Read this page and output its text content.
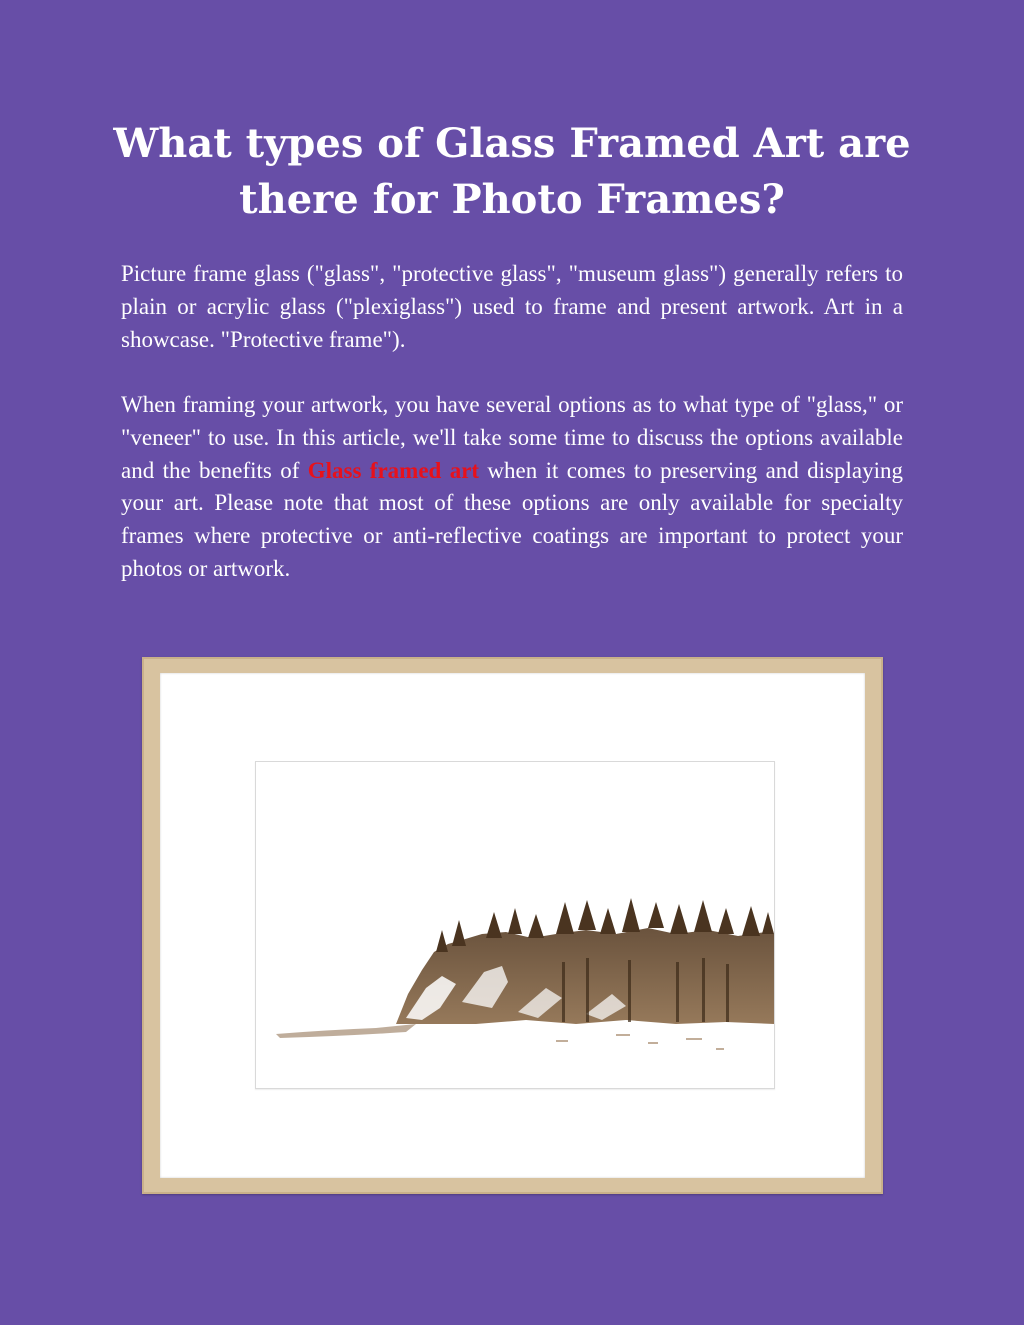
What types of Glass Framed Art are
there for Photo Frames?

Picture frame glass ("glass", "protective glass", "museum glass") generally refers to plain or acrylic glass ("plexiglass") used to frame and present artwork. Art in a showcase. "Protective frame").

When framing your artwork, you have several options as to what type of "glass," or "veneer" to use. In this article, we'll take some time to discuss the options available and the benefits of Glass framed art when it comes to preserving and displaying your art. Please note that most of these options are only available for specialty frames where protective or anti-reflective coatings are important to protect your photos or artwork.
